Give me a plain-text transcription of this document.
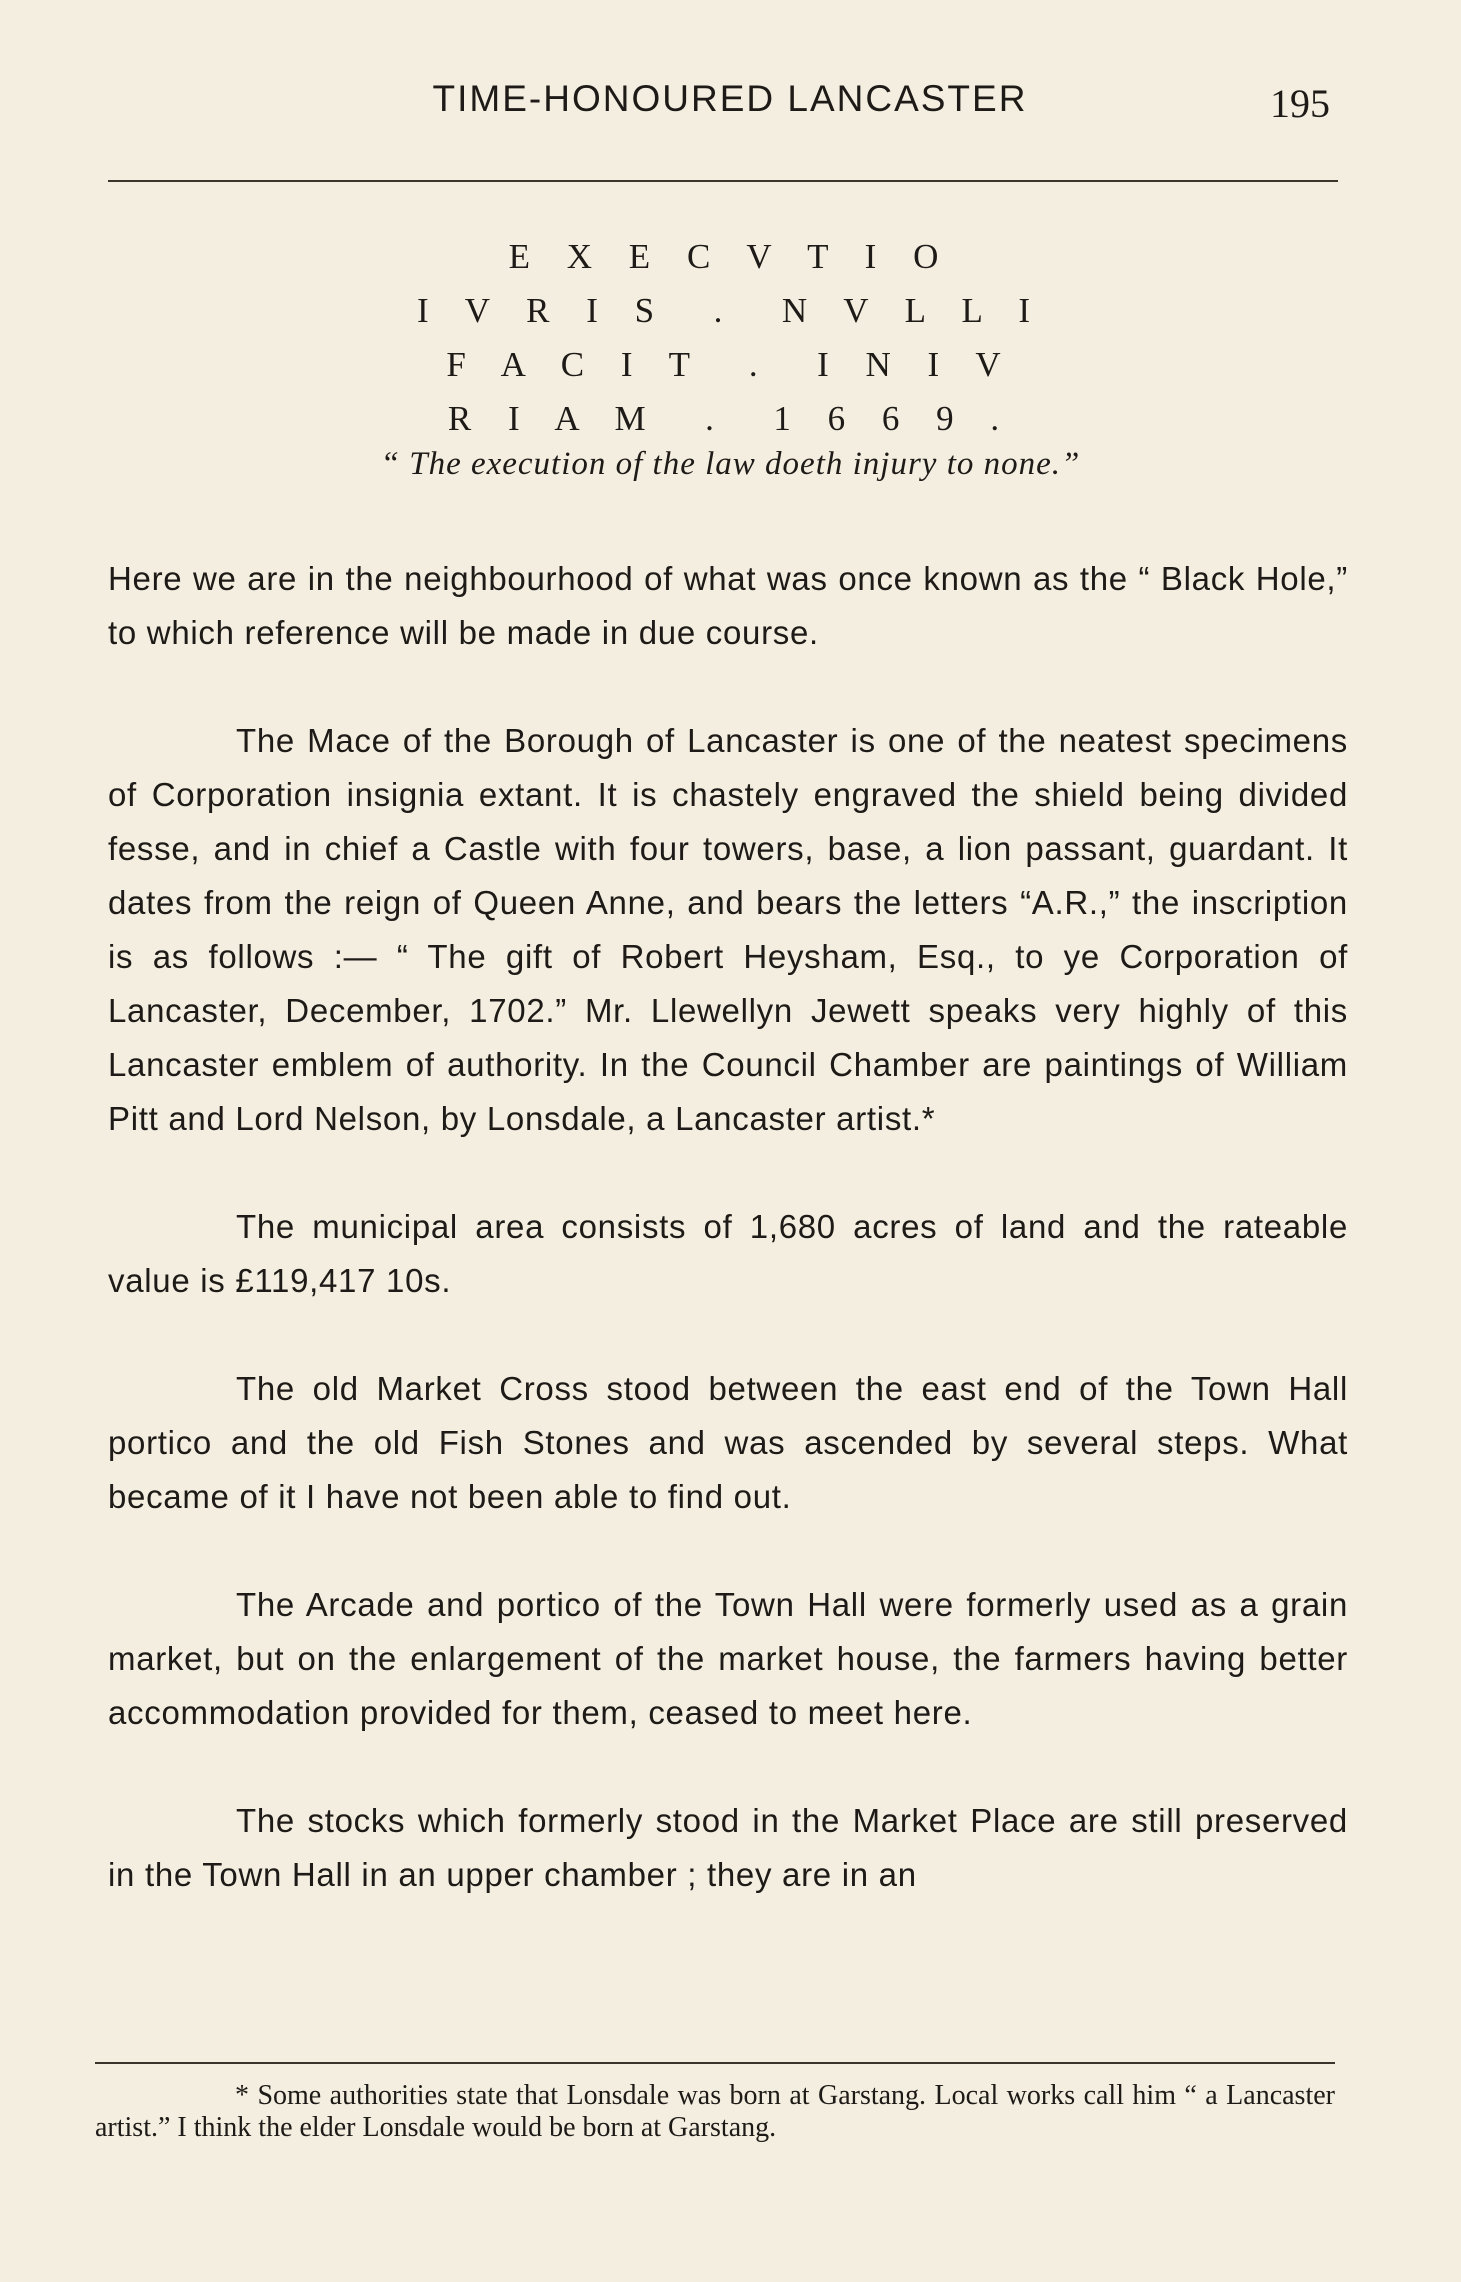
TIME-HONOURED LANCASTER	195
E X E C V T I O
I V R I S  .  N V L L I
F A C I T  .  I N I V
R I A M  .  1 6 6 9 .
“ The execution of the law doeth injury to none.”

Here we are in the neighbourhood of what was once known as the “ Black Hole,” to which reference will be made in due course.

The Mace of the Borough of Lancaster is one of the neatest specimens of Corporation insignia extant. It is chastely engraved the shield being divided fesse, and in chief a Castle with four towers, base, a lion passant, guardant. It dates from the reign of Queen Anne, and bears the letters “A.R.,” the inscription is as follows :— “ The gift of Robert Heysham, Esq., to ye Corporation of Lancaster, December, 1702.” Mr. Llewellyn Jewett speaks very highly of this Lancaster emblem of authority. In the Council Chamber are paintings of William Pitt and Lord Nelson, by Lonsdale, a Lancaster artist.*

The municipal area consists of 1,680 acres of land and the rateable value is £119,417 10s.

The old Market Cross stood between the east end of the Town Hall portico and the old Fish Stones and was ascended by several steps. What became of it I have not been able to find out.

The Arcade and portico of the Town Hall were formerly used as a grain market, but on the enlargement of the market house, the farmers having better accommodation provided for them, ceased to meet here.

The stocks which formerly stood in the Market Place are still preserved in the Town Hall in an upper chamber ; they are in an

* Some authorities state that Lonsdale was born at Garstang. Local works call him “ a Lancaster artist.” I think the elder Lonsdale would be born at Garstang.
